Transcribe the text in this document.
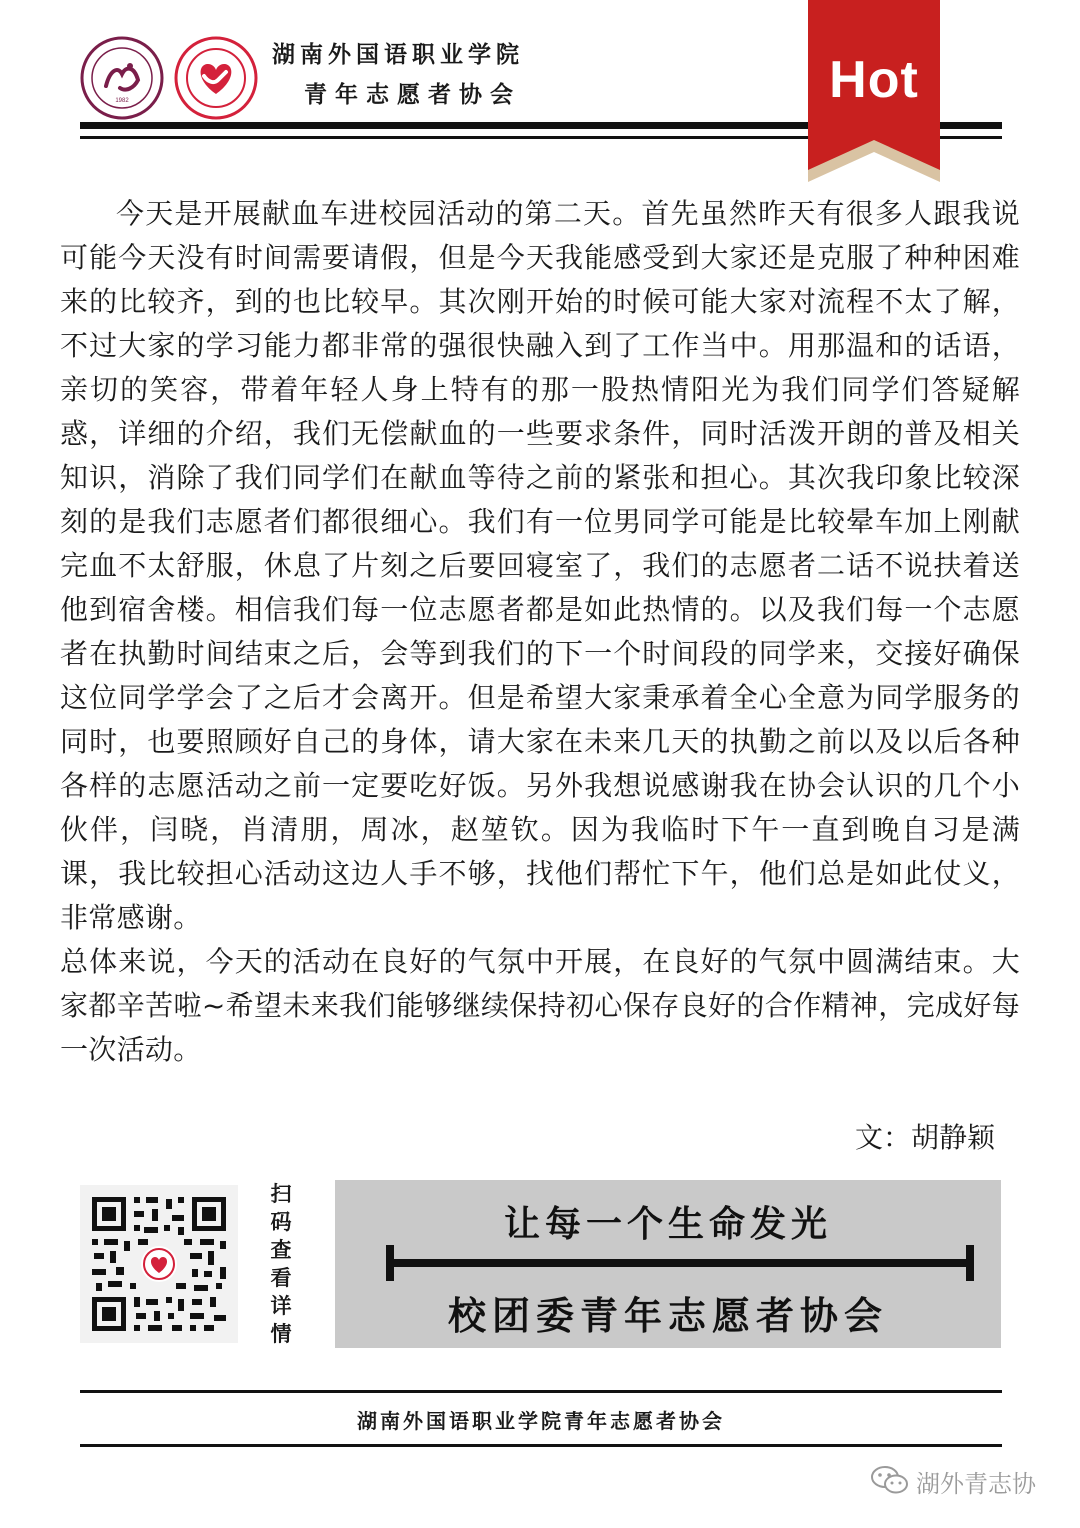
1982
湖南外国语职业学院
青年志愿者协会	Hot

今天是开展献血车进校园活动的第二天。首先虽然昨天有很多人跟我说可能今天没有时间需要请假，但是今天我能感受到大家还是克服了种种困难来的比较齐，到的也比较早。其次刚开始的时候可能大家对流程不太了解，不过大家的学习能力都非常的强很快融入到了工作当中。用那温和的话语，亲切的笑容，带着年轻人身上特有的那一股热情阳光为我们同学们答疑解惑，详细的介绍，我们无偿献血的一些要求条件，同时活泼开朗的普及相关知识，消除了我们同学们在献血等待之前的紧张和担心。其次我印象比较深刻的是我们志愿者们都很细心。我们有一位男同学可能是比较晕车加上刚献完血不太舒服，休息了片刻之后要回寝室了，我们的志愿者二话不说扶着送他到宿舍楼。相信我们每一位志愿者都是如此热情的。以及我们每一个志愿者在执勤时间结束之后，会等到我们的下一个时间段的同学来，交接好确保这位同学学会了之后才会离开。但是希望大家秉承着全心全意为同学服务的同时，也要照顾好自己的身体，请大家在未来几天的执勤之前以及以后各种各样的志愿活动之前一定要吃好饭。另外我想说感谢我在协会认识的几个小伙伴，闫晓，肖清朋，周冰，赵堃钦。因为我临时下午一直到晚自习是满课，我比较担心活动这边人手不够，找他们帮忙下午，他们总是如此仗义，非常感谢。

总体来说，今天的活动在良好的气氛中开展，在良好的气氛中圆满结束。大家都辛苦啦~希望未来我们能够继续保持初心保存良好的合作精神，完成好每一次活动。

文：胡静颖
扫
码
查
看
详
情
让每一个生命发光
校团委青年志愿者协会
湖南外国语职业学院青年志愿者协会
湖外青志协
